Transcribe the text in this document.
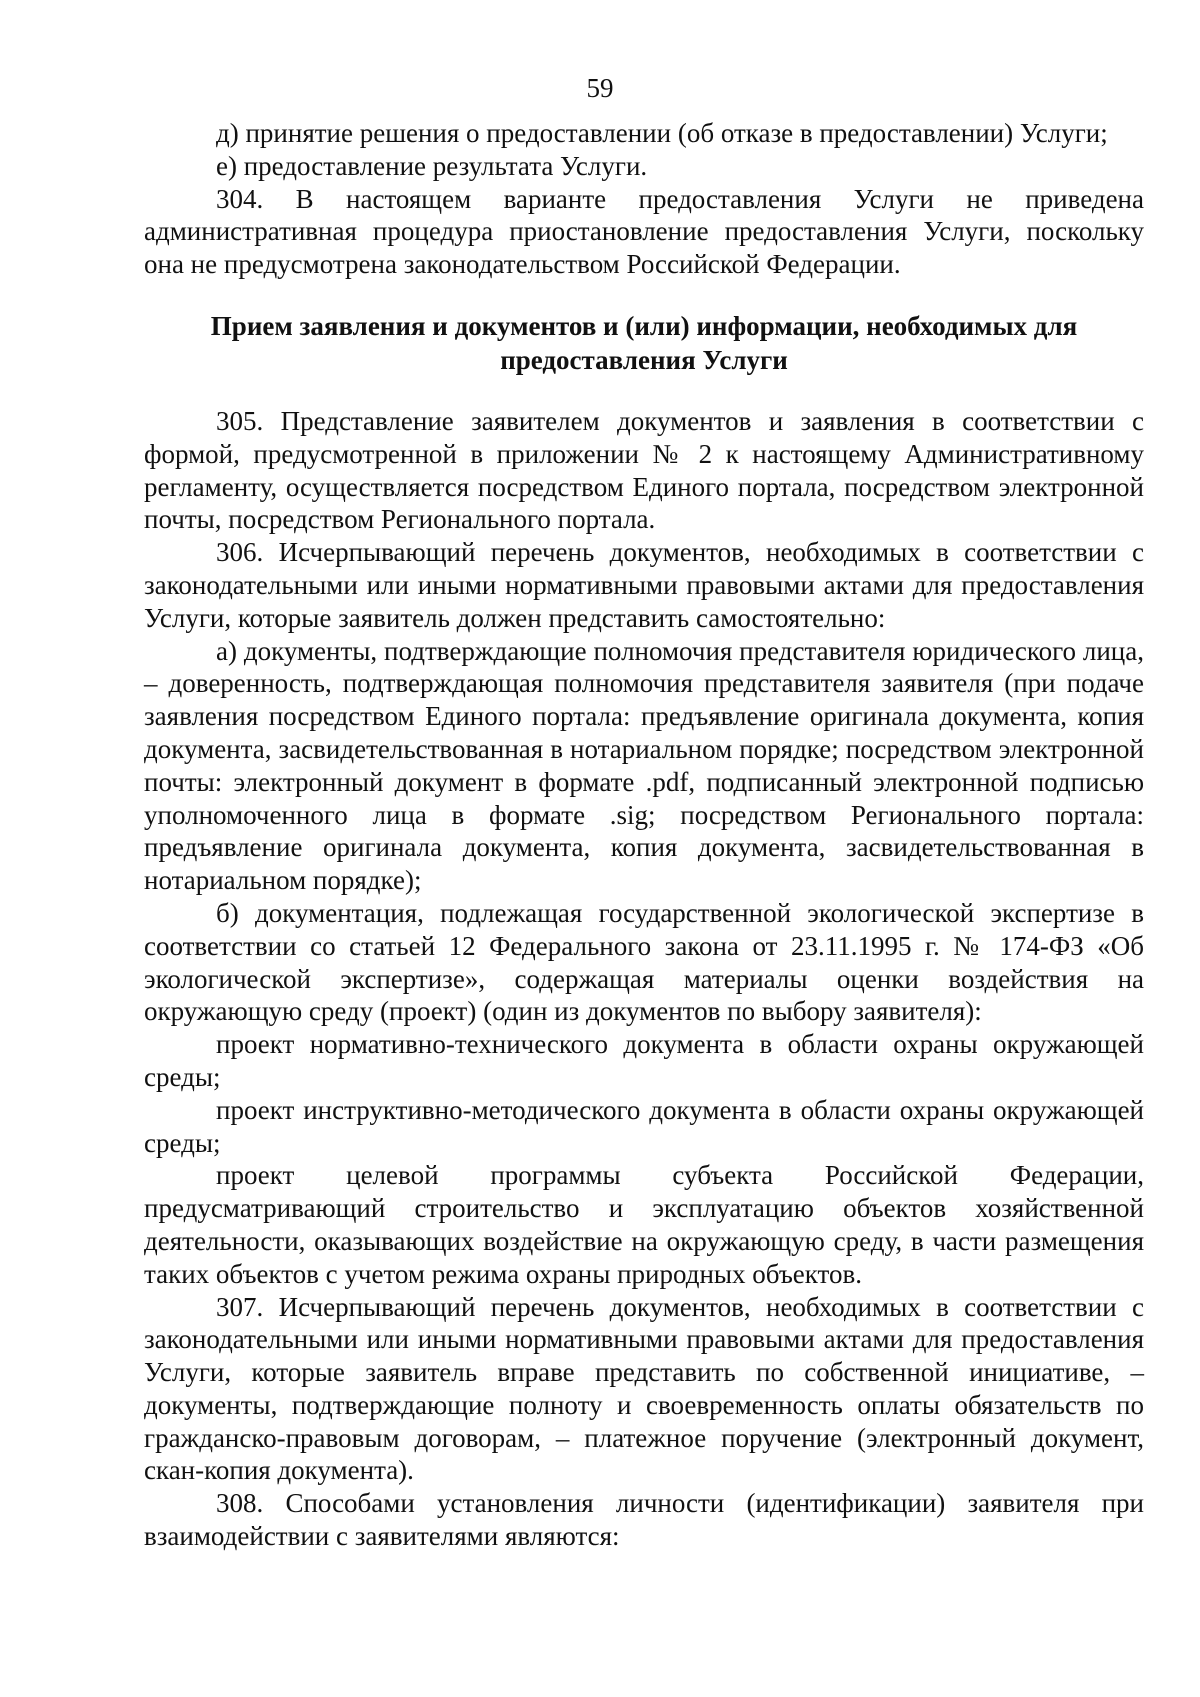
59

д) принятие решения о предоставлении (об отказе в предоставлении) Услуги;

е) предоставление результата Услуги.

304. В настоящем варианте предоставления Услуги не приведена административная процедура приостановление предоставления Услуги, поскольку она не предусмотрена законодательством Российской Федерации.

Прием заявления и документов и (или) информации, необходимых для предоставления Услуги

305. Представление заявителем документов и заявления в соответствии с формой, предусмотренной в приложении № 2 к настоящему Административному регламенту, осуществляется посредством Единого портала, посредством электронной почты, посредством Регионального портала.

306. Исчерпывающий перечень документов, необходимых в соответствии с законодательными или иными нормативными правовыми актами для предоставления Услуги, которые заявитель должен представить самостоятельно:

а) документы, подтверждающие полномочия представителя юридического лица, – доверенность, подтверждающая полномочия представителя заявителя (при подаче заявления посредством Единого портала: предъявление оригинала документа, копия документа, засвидетельствованная в нотариальном порядке; посредством электронной почты: электронный документ в формате .pdf, подписанный электронной подписью уполномоченного лица в формате .sig; посредством Регионального портала: предъявление оригинала документа, копия документа, засвидетельствованная в нотариальном порядке);

б) документация, подлежащая государственной экологической экспертизе в соответствии со статьей 12 Федерального закона от 23.11.1995 г. № 174-ФЗ «Об экологической экспертизе», содержащая материалы оценки воздействия на окружающую среду (проект) (один из документов по выбору заявителя):

проект нормативно-технического документа в области охраны окружающей среды;

проект инструктивно-методического документа в области охраны окружающей среды;

проект целевой программы субъекта Российской Федерации, предусматривающий строительство и эксплуатацию объектов хозяйственной деятельности, оказывающих воздействие на окружающую среду, в части размещения таких объектов с учетом режима охраны природных объектов.

307. Исчерпывающий перечень документов, необходимых в соответствии с законодательными или иными нормативными правовыми актами для предоставления Услуги, которые заявитель вправе представить по собственной инициативе, – документы, подтверждающие полноту и своевременность оплаты обязательств по гражданско-правовым договорам, – платежное поручение (электронный документ, скан-копия документа).

308. Способами установления личности (идентификации) заявителя при взаимодействии с заявителями являются:
